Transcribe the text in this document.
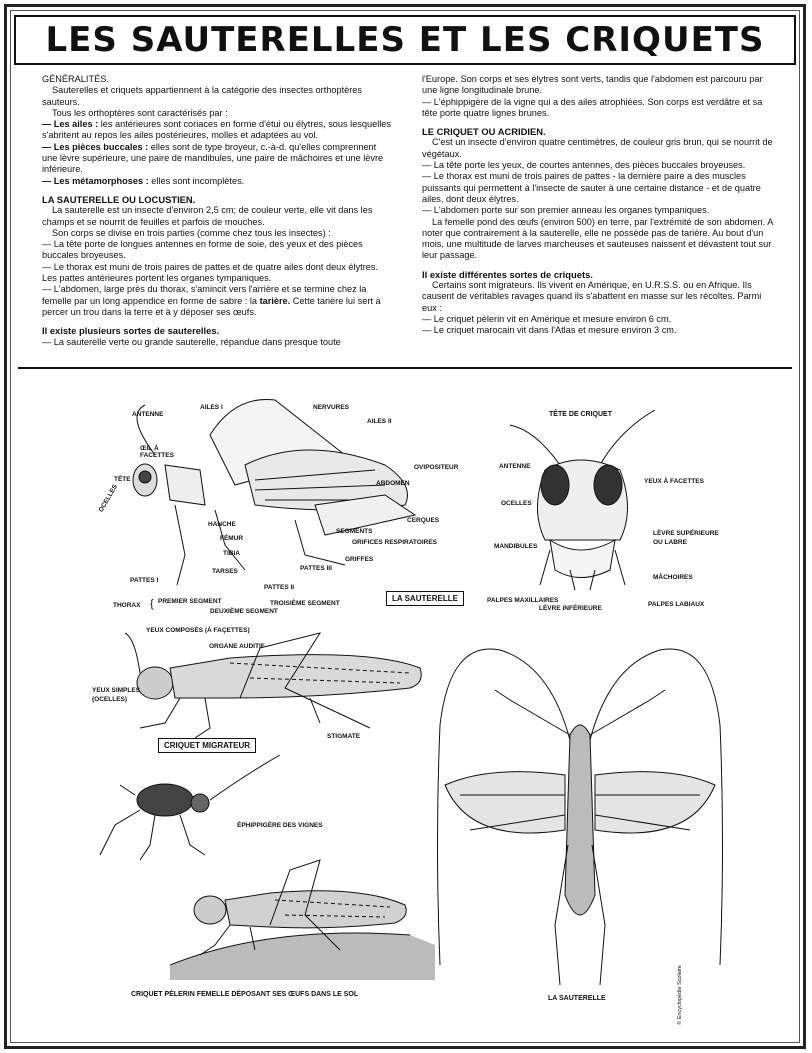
LES SAUTERELLES ET LES CRIQUETS

GÉNÉRALITÉS.

Sauterelles et criquets appartiennent à la catégorie des insectes orthoptères sauteurs.

Tous les orthoptères sont caractérisés par :

— Les ailes : les antérieures sont coriaces en forme d'étui ou élytres, sous lesquelles s'abritent au repos les ailes postérieures, molles et adaptées au vol.

— Les pièces buccales : elles sont de type broyeur, c.-à-d. qu'elles comprennent une lèvre supérieure, une paire de mandibules, une paire de mâchoires et une lèvre inférieure.

— Les métamorphoses : elles sont incomplètes.

LA SAUTERELLE OU LOCUSTIEN.

La sauterelle est un insecte d'environ 2,5 cm; de couleur verte, elle vit dans les champs et se nourrit de feuilles et parfois de mouches.

Son corps se divise en trois parties (comme chez tous les insectes) :

— La tête porte de longues antennes en forme de soie, des yeux et des pièces buccales broyeuses.

— Le thorax est muni de trois paires de pattes et de quatre ailes dont deux élytres. Les pattes antérieures portent les organes tympaniques.

— L'abdomen, large près du thorax, s'amincit vers l'arrière et se termine chez la femelle par un long appendice en forme de sabre : la tarière. Cette tarière lui sert à percer un trou dans la terre et à y déposer ses œufs.

Il existe plusieurs sortes de sauterelles.

— La sauterelle verte ou grande sauterelle, répandue dans presque toute

l'Europe. Son corps et ses élytres sont verts, tandis que l'abdomen est parcouru par une ligne longitudinale brune.

— L'éphippigère de la vigne qui a des ailes atrophiées. Son corps est verdâtre et sa tête porte quatre lignes brunes.

LE CRIQUET OU ACRIDIEN.

C'est un insecte d'environ quatre centimètres, de couleur gris brun, qui se nourrit de végétaux.

— La tête porte les yeux, de courtes antennes, des pièces buccales broyeuses.

— Le thorax est muni de trois paires de pattes - la dernière paire a des muscles puissants qui permettent à l'insecte de sauter à une certaine distance - et de quatre ailes, dont deux élytres.

— L'abdomen porte sur son premier anneau les organes tympaniques.

La femelle pond des œufs (environ 500) en terre, par l'extrémité de son abdomen. A noter que contrairement à la sauterelle, elle ne possède pas de tarière. Au bout d'un mois, une multitude de larves marcheuses et sauteuses naissent et dévastent tout sur leur passage.

Il existe différentes sortes de criquets.

Certains sont migrateurs. Ils vivent en Amérique, en U.R.S.S. ou en Afrique. Ils causent de véritables ravages quand ils s'abattent en masse sur les récoltes. Parmi eux :

— Le criquet pèlerin vit en Amérique et mesure environ 6 cm.

— Le criquet marocain vit dans l'Atlas et mesure environ 3 cm.

ANTENNE
AILES I	NERVURES
AILES II
ŒIL À FACETTES
TÊTE
OCELLES
OVIPOSITEUR
ABDOMEN
CERQUES
HANCHE
FÉMUR
TIBIA
TARSES
SEGMENTS
ORIFICES RESPIRATOIRES
GRIFFES
PATTES III
PATTES II
PATTES I
THORAX { PREMIER SEGMENT
DEUXIÈME SEGMENT
TROISIÈME SEGMENT
LA SAUTERELLE
TÊTE DE CRIQUET
ANTENNE
YEUX À FACETTES
OCELLES
LÈVRE SUPÉRIEURE
OU LABRE
MANDIBULES
MÂCHOIRES
PALPES MAXILLAIRES
LÈVRE INFÉRIEURE
PALPES LABIAUX
YEUX COMPOSÉS (À FAÇETTES)
ORGANE AUDITIF
YEUX SIMPLES
(OCELLES)
STIGMATE
CRIQUET MIGRATEUR
ÉPHIPPIGÈRE DES VIGNES
CRIQUET PÉLERIN FEMELLE DÉPOSANT SES ŒUFS DANS LE SOL
LA SAUTERELLE	© Encyclopédie Scolaire
